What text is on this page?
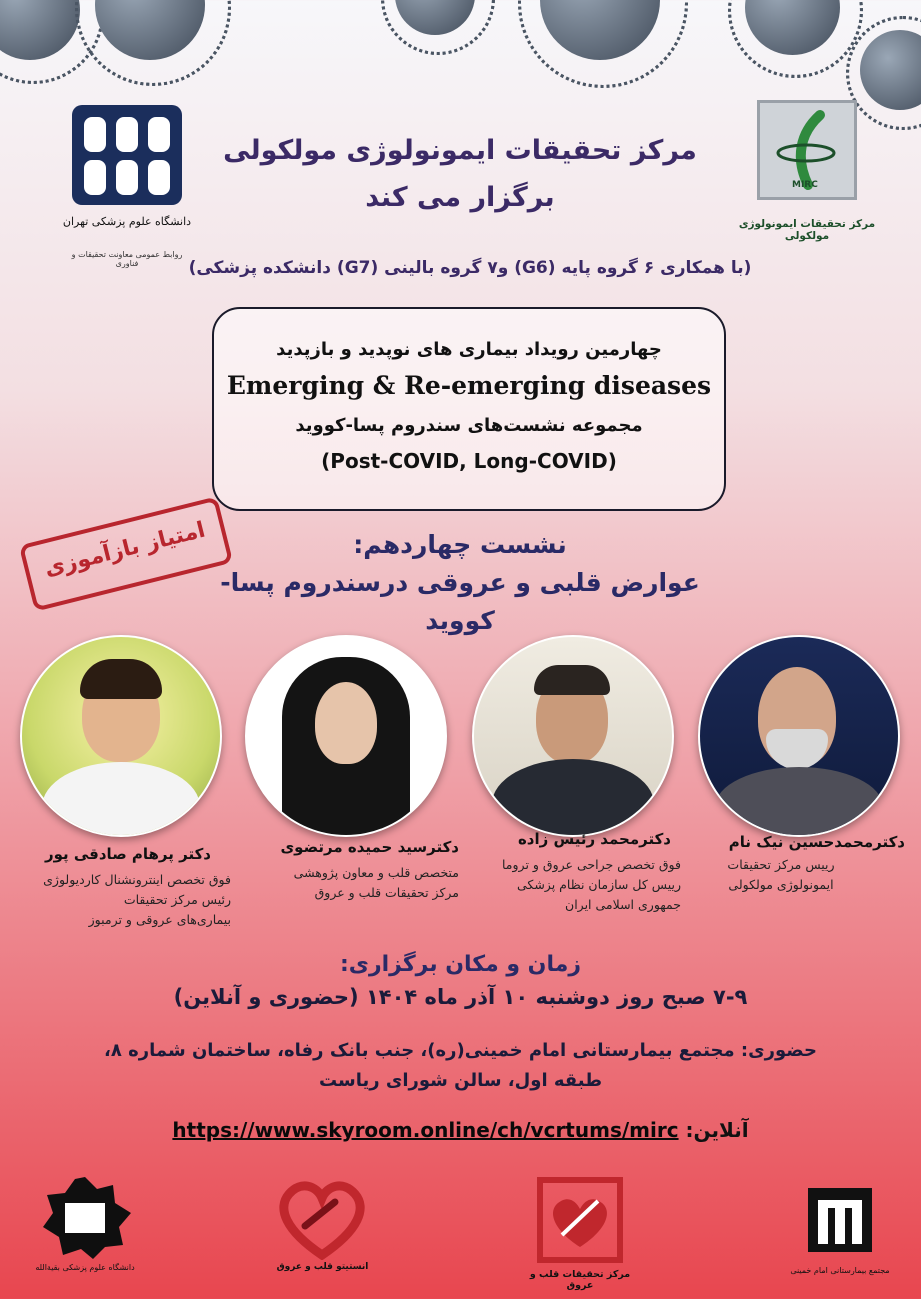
دانشگاه علوم پزشکی تهران
روابط عمومی معاونت تحقیقات و فناوری
MIRC
مرکز تحقیقات ایمونولوژی مولکولی
مرکز تحقیقات ایمونولوژی مولکولی
برگزار می کند
(با همکاری ۶ گروه پایه (G6) و۷ گروه بالینی (G7) دانشکده پزشکی)
چهارمین رویداد بیماری های نوپدید و بازپدید
Emerging & Re-emerging diseases
مجموعه نشست‌های سندروم پسا-کووید
(Post-COVID, Long-COVID)
امتیاز بازآموزی	نشست چهاردهم:
عوارض قلبی و عروقی درسندروم پسا-
کووید
دکتر پرهام صادقی پور
فوق تخصص اینترونشنال کاردیولوژی
رئیس مرکز تحقیقات
بیماری‌های عروقی و ترمبوز
دکترسید حمیده مرتضوی
متخصص قلب و معاون پژوهشی
مرکز تحقیقات قلب و عروق
دکترمحمد رئیس زاده
فوق تخصص جراحی عروق و تروما
رییس کل سازمان نظام پزشکی
جمهوری اسلامی ایران
دکترمحمدحسین نیک نام
رییس مرکز تحقیقات
ایمونولوژی مولکولی
زمان و مکان برگزاری:
۷-۹ صبح روز دوشنبه ۱۰ آذر ماه ۱۴۰۴ (حضوری و آنلاین)
حضوری: مجتمع بیمارستانی امام خمینی(ره)، جنب بانک رفاه، ساختمان شماره ۸،
طبقه اول، سالن شورای ریاست
آنلاین: https://www.skyroom.online/ch/vcrtums/mirc
دانشگاه علوم پزشکی بقیة‌الله	انستیتو قلب و عروق
مرکز تحقیقات قلب و عروق
مجتمع بیمارستانی امام خمینی
